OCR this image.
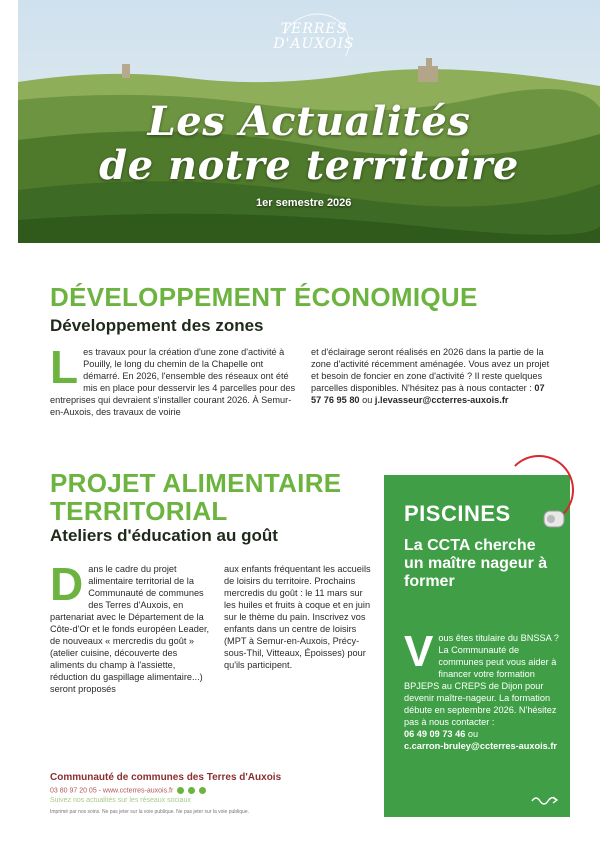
TERRES
D'AUXOIS
Les Actualités
de notre territoire
1er semestre 2026
DÉVELOPPEMENT ÉCONOMIQUE
Développement des zones
Les travaux pour la création d'une zone d'activité à Pouilly, le long du chemin de la Chapelle ont démarré. En 2026, l'ensemble des réseaux ont été mis en place pour desservir les 4 parcelles pour des entreprises qui devraient s'installer courant 2026. À Semur-en-Auxois, des travaux de voirie
et d'éclairage seront réalisés en 2026 dans la partie de la zone d'activité récemment aménagée. Vous avez un projet et besoin de foncier en zone d'activité ? Il reste quelques parcelles disponibles. N'hésitez pas à nous contacter : 07 57 76 95 80 ou j.levasseur@ccterres-auxois.fr
PROJET ALIMENTAIRE TERRITORIAL
Ateliers d'éducation au goût
Dans le cadre du projet alimentaire territorial de la Communauté de communes des Terres d'Auxois, en partenariat avec le Département de la Côte-d'Or et le fonds européen Leader, de nouveaux « mercredis du goût » (atelier cuisine, découverte des aliments du champ à l'assiette, réduction du gaspillage alimentaire...) seront proposés
aux enfants fréquentant les accueils de loisirs du territoire. Prochains mercredis du goût : le 11 mars sur les huiles et fruits à coque et en juin sur le thème du pain. Inscrivez vos enfants dans un centre de loisirs (MPT à Semur-en-Auxois, Précy-sous-Thil, Vitteaux, Époisses) pour qu'ils participent.
PISCINES
La CCTA cherche un maître nageur à former
Vous êtes titulaire du BNSSA ? La Communauté de communes peut vous aider à financer votre formation BPJEPS au CREPS de Dijon pour devenir maître-nageur. La formation débute en septembre 2026. N'hésitez pas à nous contacter :
06 49 09 73 46 ou
c.carron-bruley@ccterres-auxois.fr
Communauté de communes des Terres d'Auxois
03 80 97 20 05 - www.ccterres-auxois.fr
Suivez nos actualités sur les réseaux sociaux
Imprimé par nos soins. Ne pas jeter sur la voie publique. Ne pas jeter sur la voie publique.
